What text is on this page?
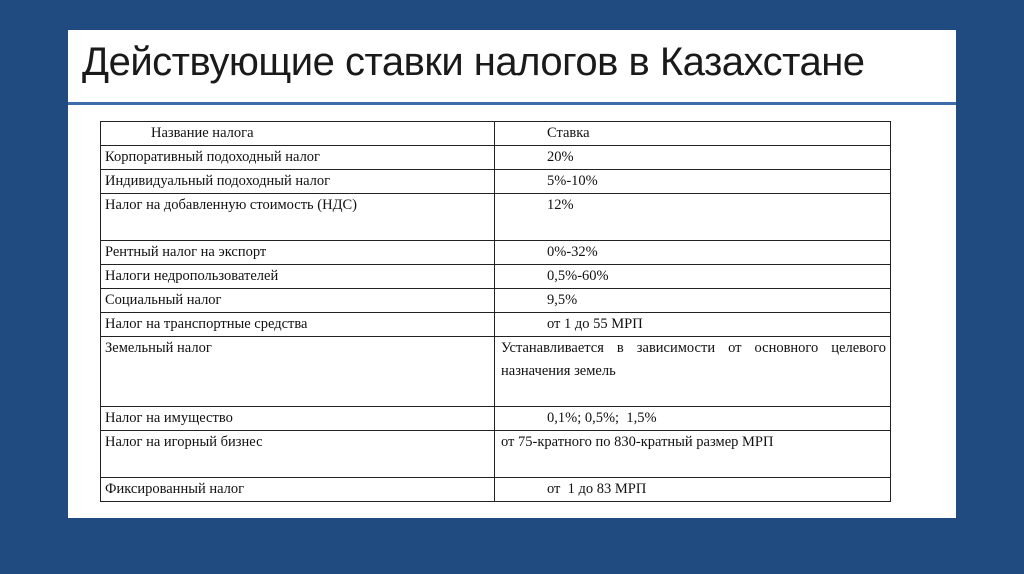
Действующие ставки налогов в Казахстане
Название налога	Ставка
Корпоративный подоходный налог	20%
Индивидуальный подоходный налог	5%-10%
Налог на добавленную стоимость (НДС)	12%
Рентный налог на экспорт	0%-32%
Налоги недропользователей	0,5%-60%
Социальный налог	9,5%
Налог на транспортные средства	от 1 до 55 МРП
Земельный налог	Устанавливается в зависимости от основного целевого назначения земель
Налог на имущество	0,1%; 0,5%;  1,5%
Налог на игорный бизнес	от 75-кратного по 830-кратный размер МРП
Фиксированный налог	от  1 до 83 МРП
